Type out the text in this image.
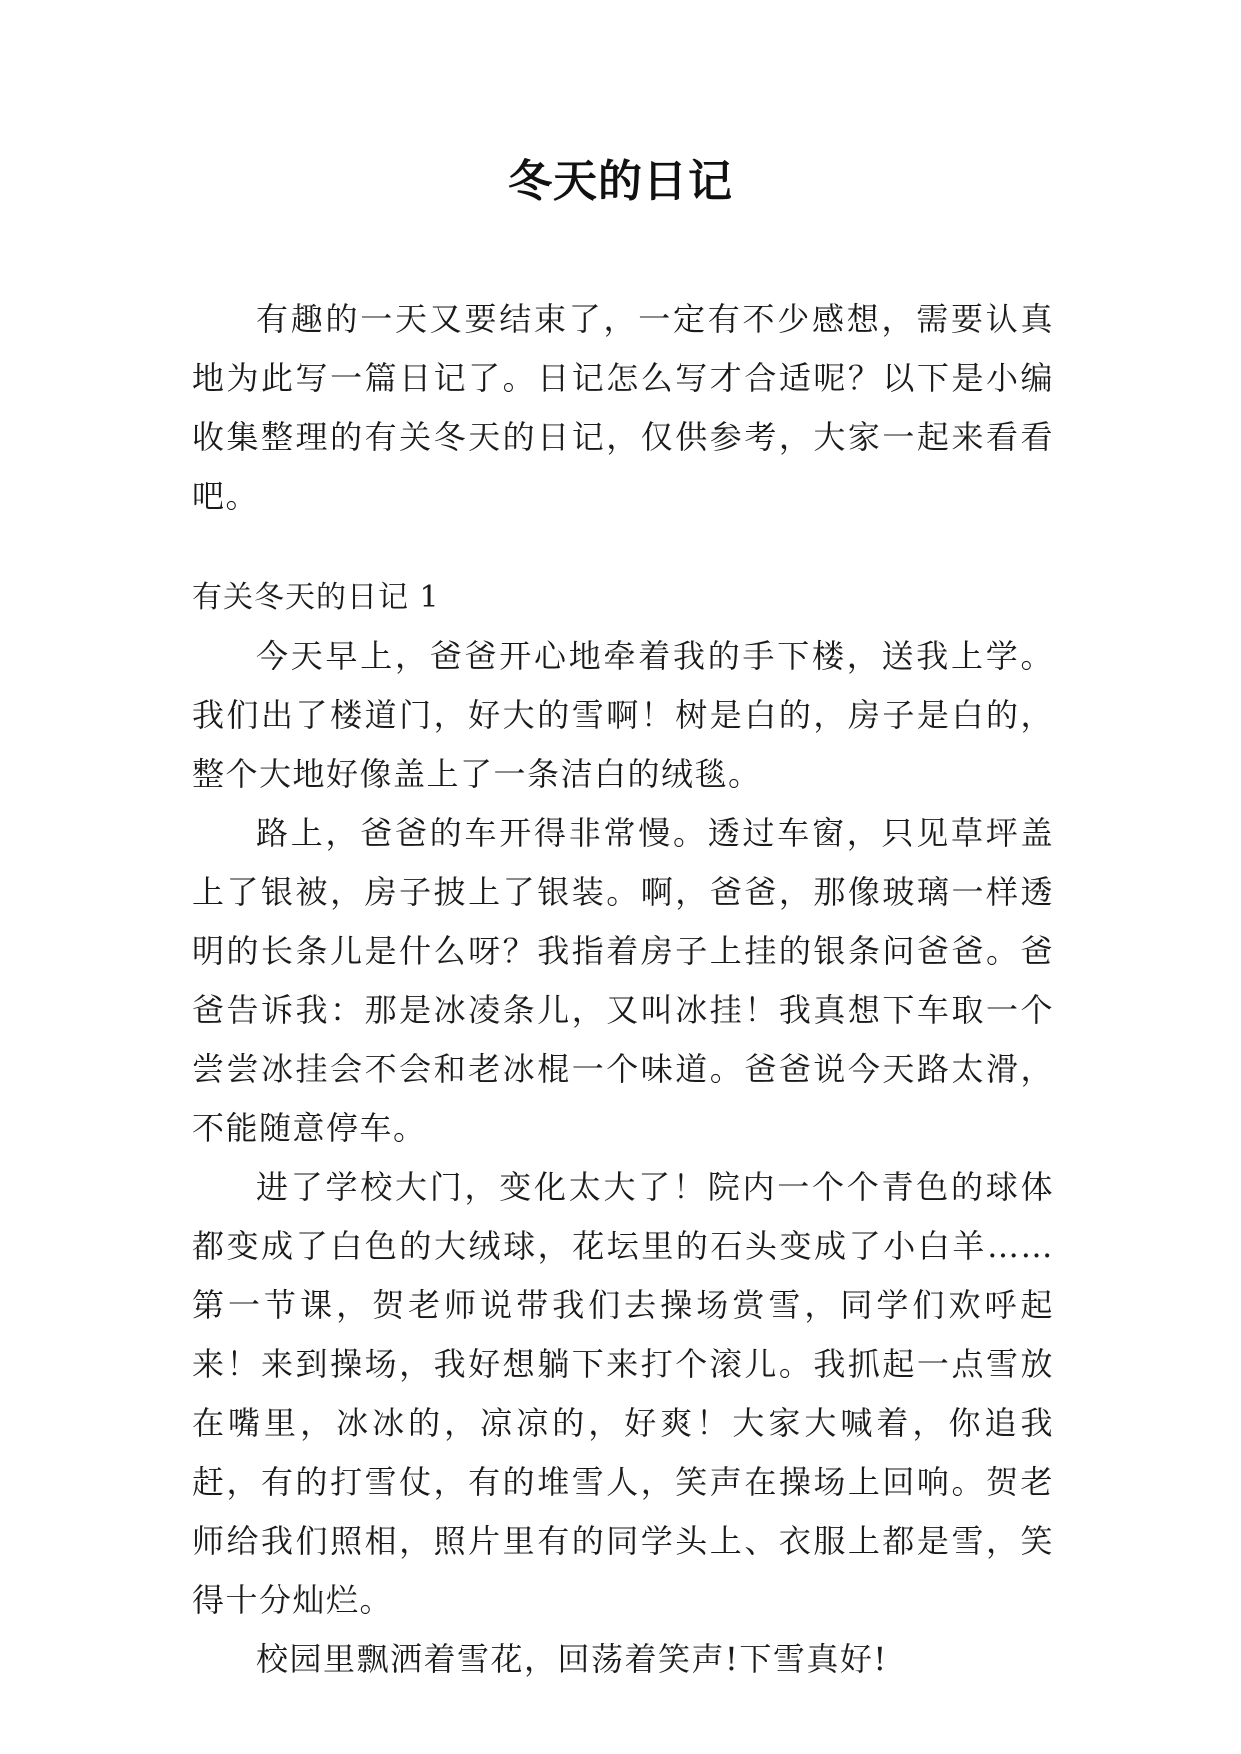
冬天的日记

有趣的一天又要结束了，一定有不少感想，需要认真地为此写一篇日记了。日记怎么写才合适呢？以下是小编收集整理的有关冬天的日记，仅供参考，大家一起来看看吧。

有关冬天的日记 1

今天早上，爸爸开心地牵着我的手下楼，送我上学。我们出了楼道门，好大的雪啊！树是白的，房子是白的，整个大地好像盖上了一条洁白的绒毯。

路上，爸爸的车开得非常慢。透过车窗，只见草坪盖上了银被，房子披上了银装。啊，爸爸，那像玻璃一样透明的长条儿是什么呀？我指着房子上挂的银条问爸爸。爸爸告诉我：那是冰凌条儿，又叫冰挂！我真想下车取一个尝尝冰挂会不会和老冰棍一个味道。爸爸说今天路太滑，不能随意停车。

进了学校大门，变化太大了！院内一个个青色的球体都变成了白色的大绒球，花坛里的石头变成了小白羊……第一节课，贺老师说带我们去操场赏雪，同学们欢呼起来！来到操场，我好想躺下来打个滚儿。我抓起一点雪放在嘴里，冰冰的，凉凉的，好爽！大家大喊着，你追我赶，有的打雪仗，有的堆雪人，笑声在操场上回响。贺老师给我们照相，照片里有的同学头上、衣服上都是雪，笑得十分灿烂。

校园里飘洒着雪花，回荡着笑声!下雪真好!
